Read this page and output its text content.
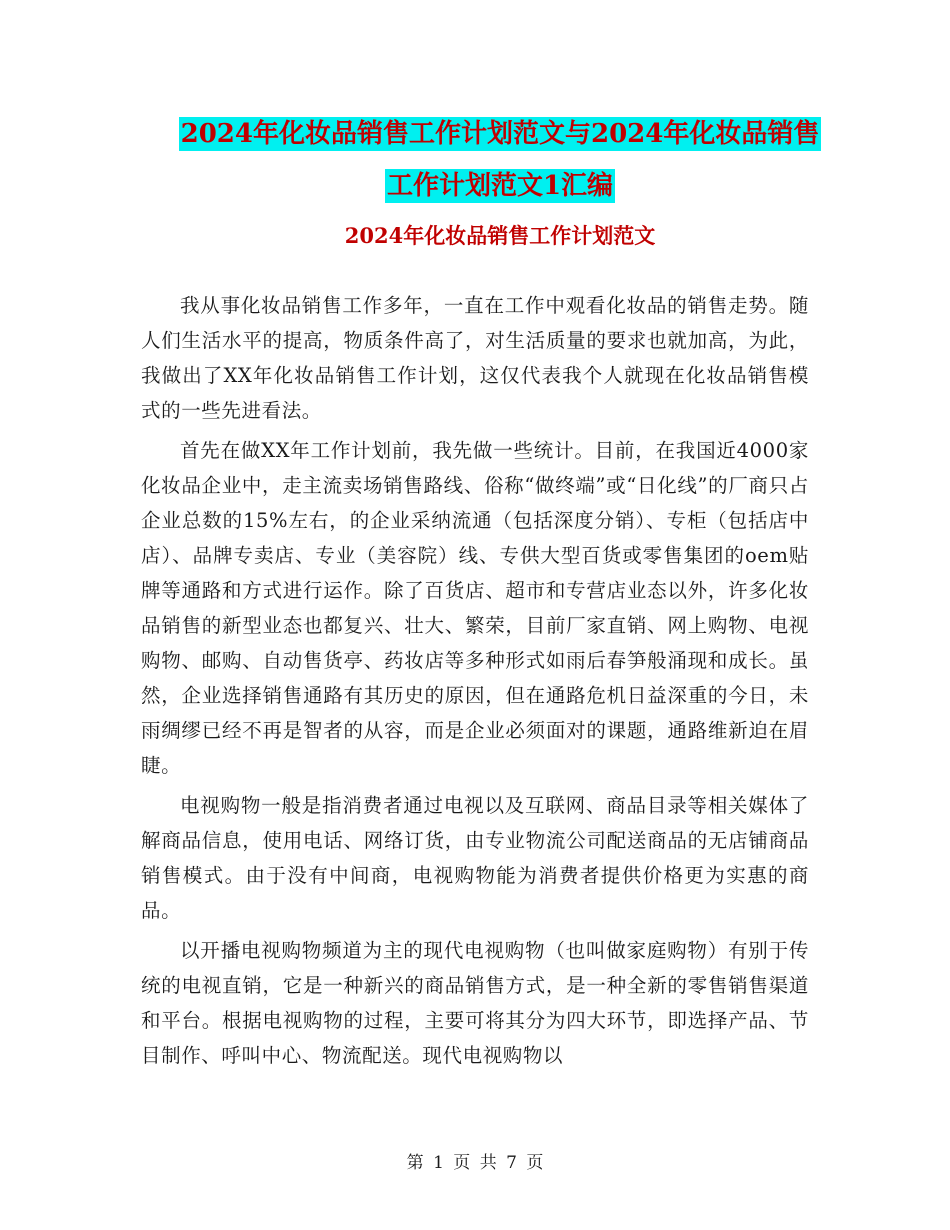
2024年化妆品销售工作计划范文与2024年化妆品销售
工作计划范文1汇编
2024年化妆品销售工作计划范文

我从事化妆品销售工作多年，一直在工作中观看化妆品的销售走势。随人们生活水平的提高，物质条件高了，对生活质量的要求也就加高，为此，我做出了XX年化妆品销售工作计划，这仅代表我个人就现在化妆品销售模式的一些先进看法。

首先在做XX年工作计划前，我先做一些统计。目前，在我国近4000家化妆品企业中，走主流卖场销售路线、俗称“做终端”或“日化线”的厂商只占企业总数的15%左右，的企业采纳流通（包括深度分销）、专柜（包括店中店）、品牌专卖店、专业（美容院）线、专供大型百货或零售集团的oem贴牌等通路和方式进行运作。除了百货店、超市和专营店业态以外，许多化妆品销售的新型业态也都复兴、壮大、繁荣，目前厂家直销、网上购物、电视购物、邮购、自动售货亭、药妆店等多种形式如雨后春笋般涌现和成长。虽然，企业选择销售通路有其历史的原因，但在通路危机日益深重的今日，未雨绸缪已经不再是智者的从容，而是企业必须面对的课题，通路维新迫在眉睫。

电视购物一般是指消费者通过电视以及互联网、商品目录等相关媒体了解商品信息，使用电话、网络订货，由专业物流公司配送商品的无店铺商品销售模式。由于没有中间商，电视购物能为消费者提供价格更为实惠的商品。

以开播电视购物频道为主的现代电视购物（也叫做家庭购物）有别于传统的电视直销，它是一种新兴的商品销售方式，是一种全新的零售销售渠道和平台。根据电视购物的过程，主要可将其分为四大环节，即选择产品、节目制作、呼叫中心、物流配送。现代电视购物以

第 1 页 共 7 页
